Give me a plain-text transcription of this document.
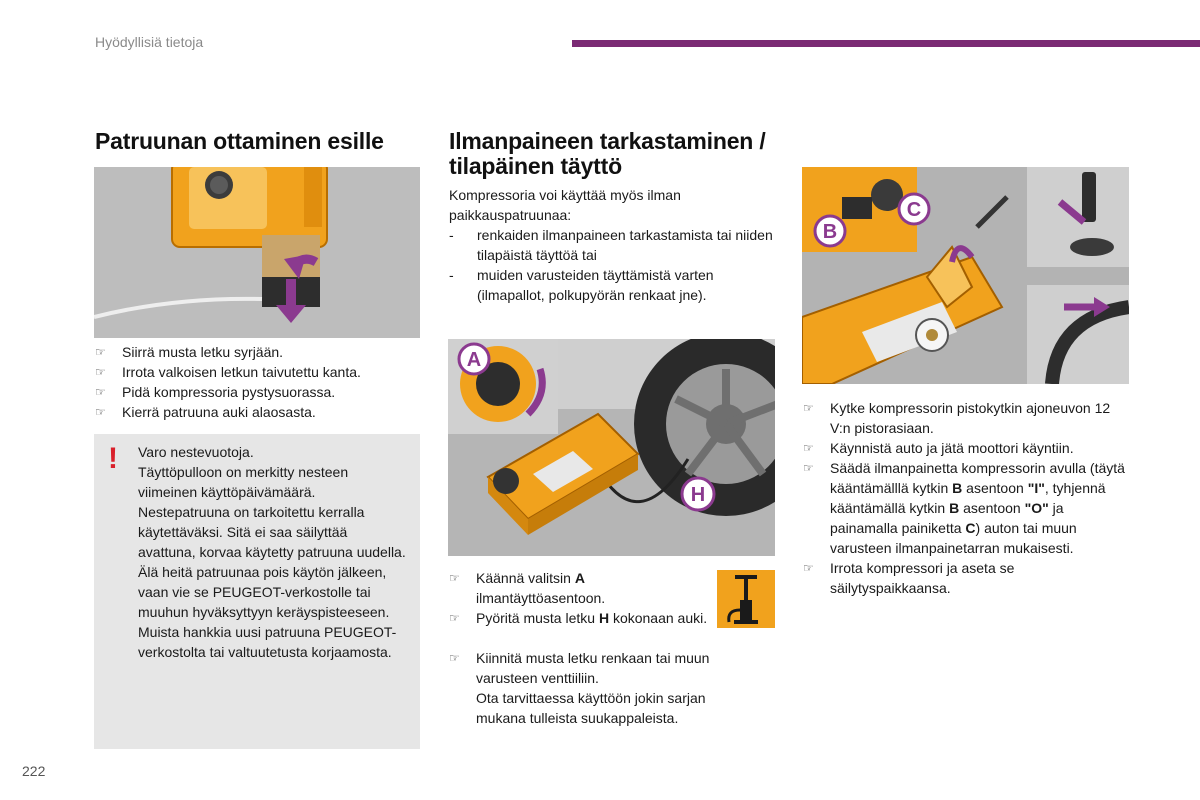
Hyödyllisiä tietoja
Patruunan ottaminen esille
☞ Siirrä musta letku syrjään.
☞ Irrota valkoisen letkun taivutettu kanta.
☞ Pidä kompressoria pystysuorassa.
☞ Kierrä patruuna auki alaosasta.
! Varo nestevuotoja.
Täyttöpulloon on merkitty nesteen viimeinen käyttöpäivämäärä.
Nestepatruuna on tarkoitettu kerralla käytettäväksi. Sitä ei saa säilyttää avattuna, korvaa käytetty patruuna uudella.
Älä heitä patruunaa pois käytön jälkeen, vaan vie se PEUGEOT-verkostolle tai muuhun hyväksyttyyn keräyspisteeseen.
Muista hankkia uusi patruuna PEUGEOT-verkostolta tai valtuutetusta korjaamosta.
Ilmanpaineen tarkastaminen /
tilapäinen täyttö
Kompressoria voi käyttää myös ilman paikkauspatruunaa:
- renkaiden ilmanpaineen tarkastamista tai niiden tilapäistä täyttöä tai
- muiden varusteiden täyttämistä varten (ilmapallot, polkupyörän renkaat jne).
A
H
☞ Käännä valitsin A ilmantäyttöasentoon.
☞ Pyöritä musta letku H kokonaan auki.
☞ Kiinnitä musta letku renkaan tai muun varusteen venttiiliin.
Ota tarvittaessa käyttöön jokin sarjan mukana tulleista suukappaleista.
B
C
☞ Kytke kompressorin pistokytkin ajoneuvon 12 V:n pistorasiaan.
☞ Käynnistä auto ja jätä moottori käyntiin.
☞ Säädä ilmanpainetta kompressorin avulla (täytä kääntämälllä kytkin B asentoon "I", tyhjennä kääntämällä kytkin B asentoon "O" ja painamalla painiketta C) auton tai muun varusteen ilmanpainetarran mukaisesti.
☞ Irrota kompressori ja aseta se säilytyspaikkaansa.
222
